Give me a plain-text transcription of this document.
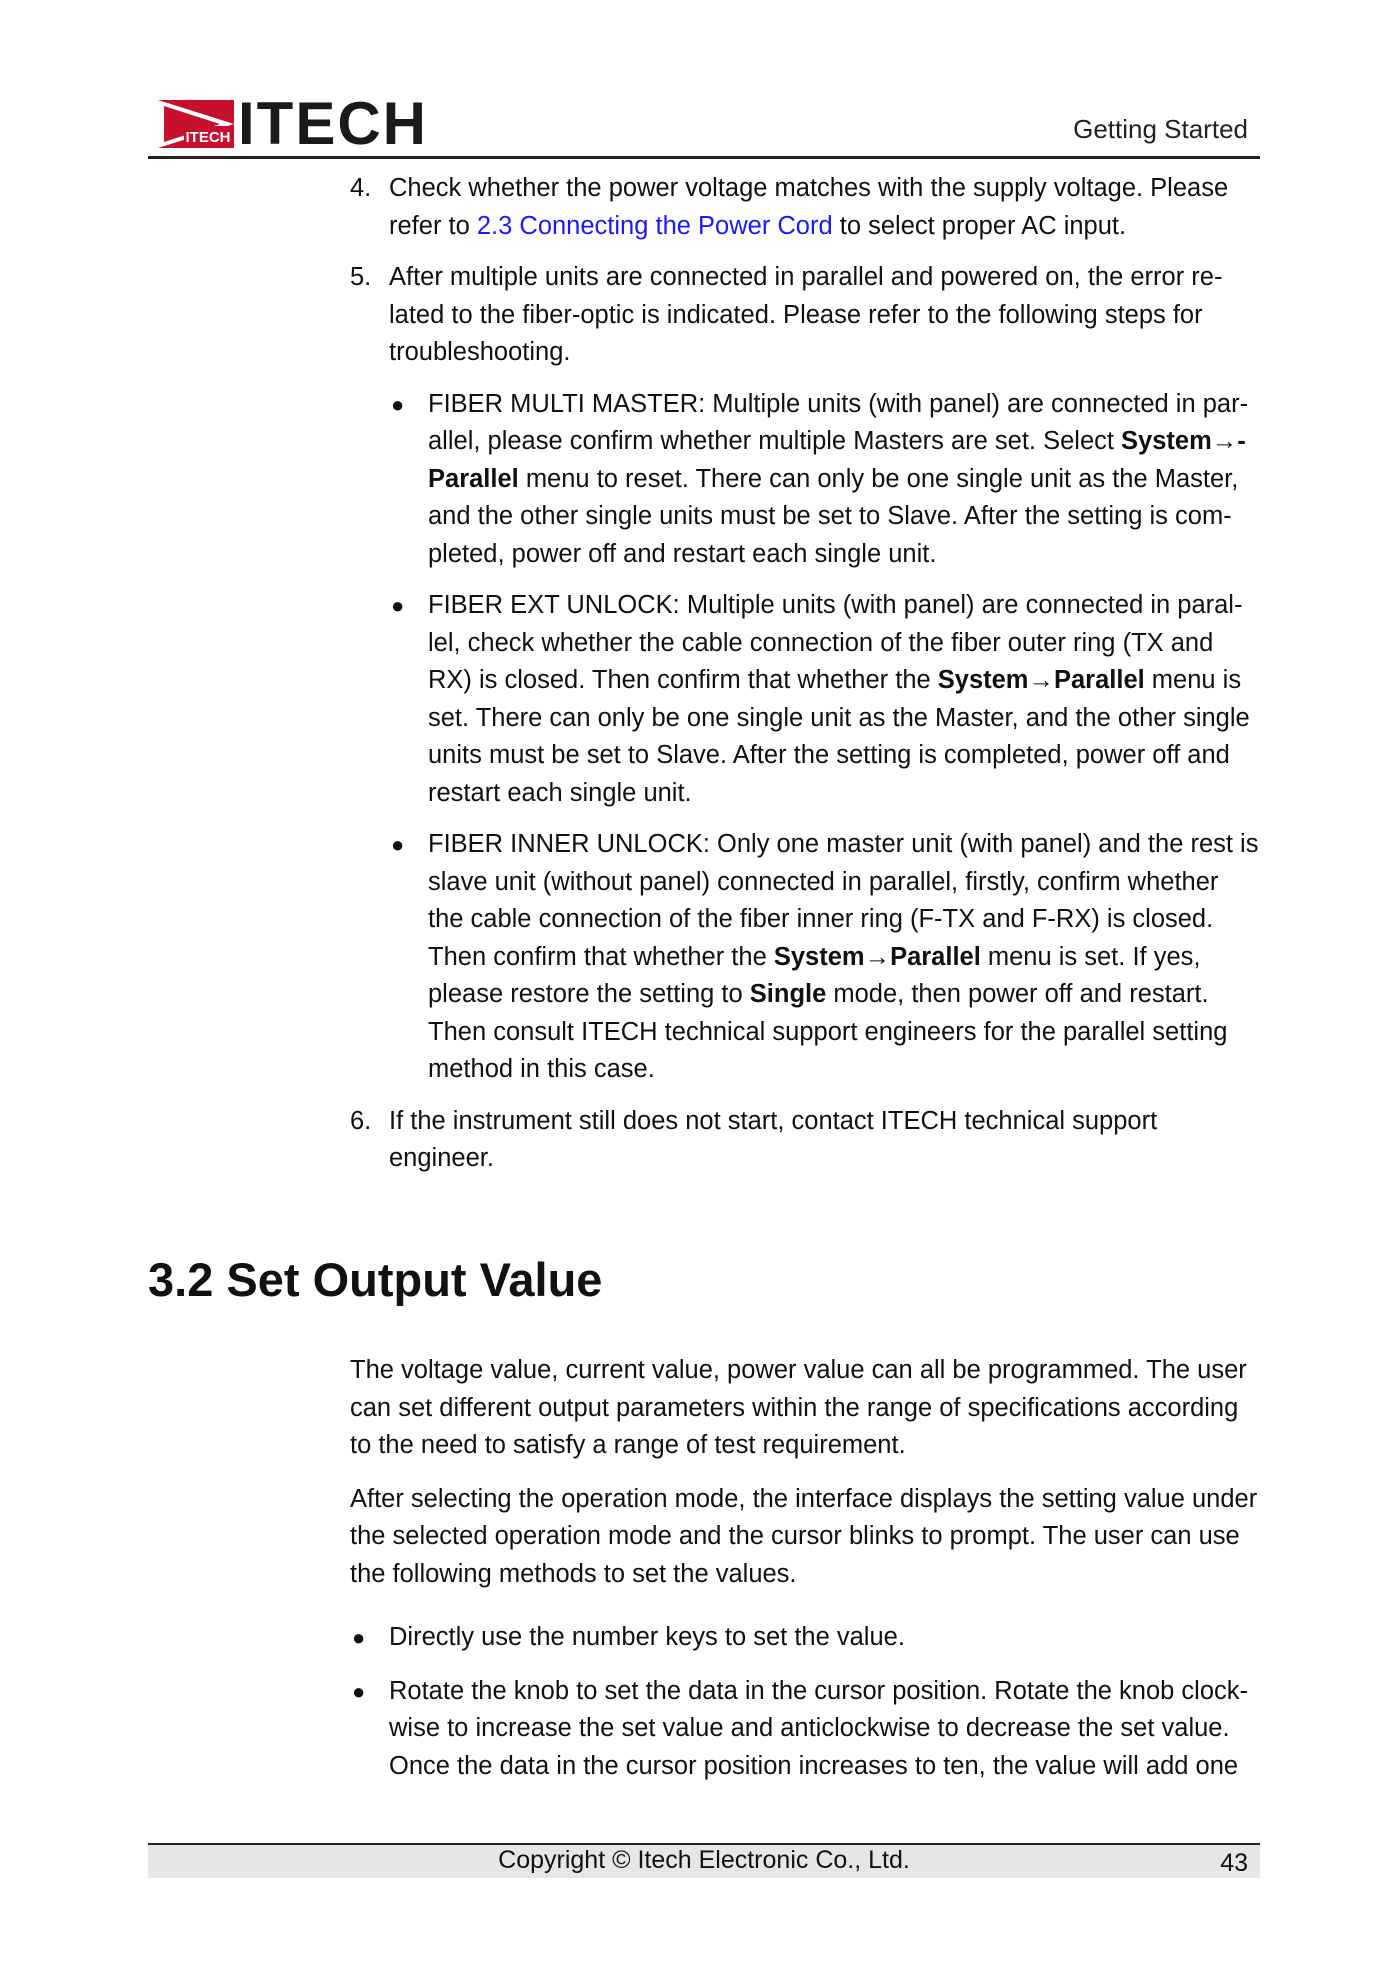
ITECH ITECH	Getting Started
4. Check whether the power voltage matches with the supply voltage. Please refer to 2.3 Connecting the Power Cord to select proper AC input.

5. After multiple units are connected in parallel and powered on, the error re-lated to the fiber-optic is indicated. Please refer to the following steps for troubleshooting.

● FIBER MULTI MASTER: Multiple units (with panel) are connected in par-allel, please confirm whether multiple Masters are set. Select System→-Parallel menu to reset. There can only be one single unit as the Master, and the other single units must be set to Slave. After the setting is com-pleted, power off and restart each single unit.

● FIBER EXT UNLOCK: Multiple units (with panel) are connected in paral-lel, check whether the cable connection of the fiber outer ring (TX and RX) is closed. Then confirm that whether the System→Parallel menu is set. There can only be one single unit as the Master, and the other single units must be set to Slave. After the setting is completed, power off and restart each single unit.

● FIBER INNER UNLOCK: Only one master unit (with panel) and the rest is slave unit (without panel) connected in parallel, firstly, confirm whether the cable connection of the fiber inner ring (F-TX and F-RX) is closed. Then confirm that whether the System→Parallel menu is set. If yes, please restore the setting to Single mode, then power off and restart. Then consult ITECH technical support engineers for the parallel setting method in this case.

6. If the instrument still does not start, contact ITECH technical support engineer.

3.2 Set Output Value

The voltage value, current value, power value can all be programmed. The user can set different output parameters within the range of specifications according to the need to satisfy a range of test requirement.

After selecting the operation mode, the interface displays the setting value under the selected operation mode and the cursor blinks to prompt. The user can use the following methods to set the values.

● Directly use the number keys to set the value.

● Rotate the knob to set the data in the cursor position. Rotate the knob clock-wise to increase the set value and anticlockwise to decrease the set value. Once the data in the cursor position increases to ten, the value will add one

Copyright © Itech Electronic Co., Ltd.	43
